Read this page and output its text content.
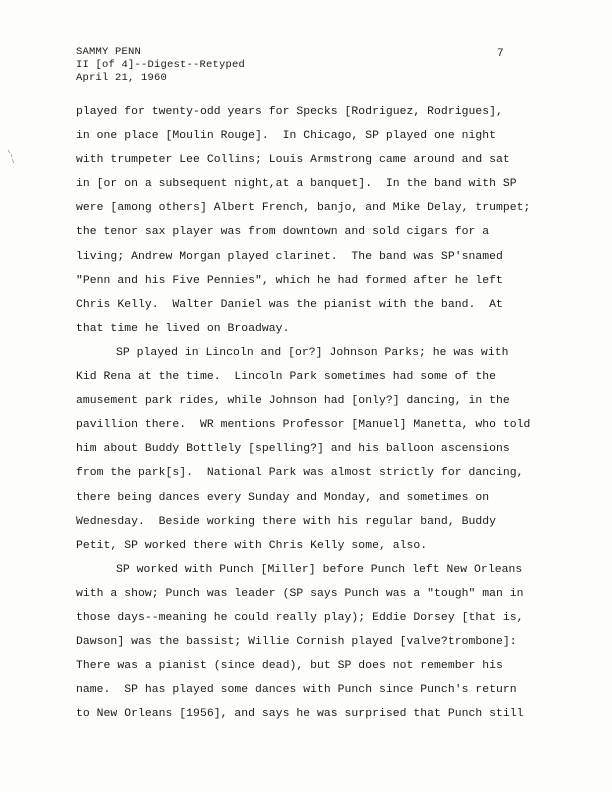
SAMMY PENN
II [of 4]--Digest--Retyped
April 21, 1960
7
played for twenty-odd years for Specks [Rodriguez, Rodrigues],
in one place [Moulin Rouge].  In Chicago, SP played one night
with trumpeter Lee Collins; Louis Armstrong came around and sat
in [or on a subsequent night,at a banquet].  In the band with SP
were [among others] Albert French, banjo, and Mike Delay, trumpet;
the tenor sax player was from downtown and sold cigars for a
living; Andrew Morgan played clarinet.  The band was SP'snamed
"Penn and his Five Pennies", which he had formed after he left
Chris Kelly.  Walter Daniel was the pianist with the band.  At
that time he lived on Broadway.
SP played in Lincoln and [or?] Johnson Parks; he was with
Kid Rena at the time.  Lincoln Park sometimes had some of the
amusement park rides, while Johnson had [only?] dancing, in the
pavillion there.  WR mentions Professor [Manuel] Manetta, who told
him about Buddy Bottlely [spelling?] and his balloon ascensions
from the park[s].  National Park was almost strictly for dancing,
there being dances every Sunday and Monday, and sometimes on
Wednesday.  Beside working there with his regular band, Buddy
Petit, SP worked there with Chris Kelly some, also.
SP worked with Punch [Miller] before Punch left New Orleans
with a show; Punch was leader (SP says Punch was a "tough" man in
those days--meaning he could really play); Eddie Dorsey [that is,
Dawson] was the bassist; Willie Cornish played [valve?trombone]:
There was a pianist (since dead), but SP does not remember his
name.  SP has played some dances with Punch since Punch's return
to New Orleans [1956], and says he was surprised that Punch still
